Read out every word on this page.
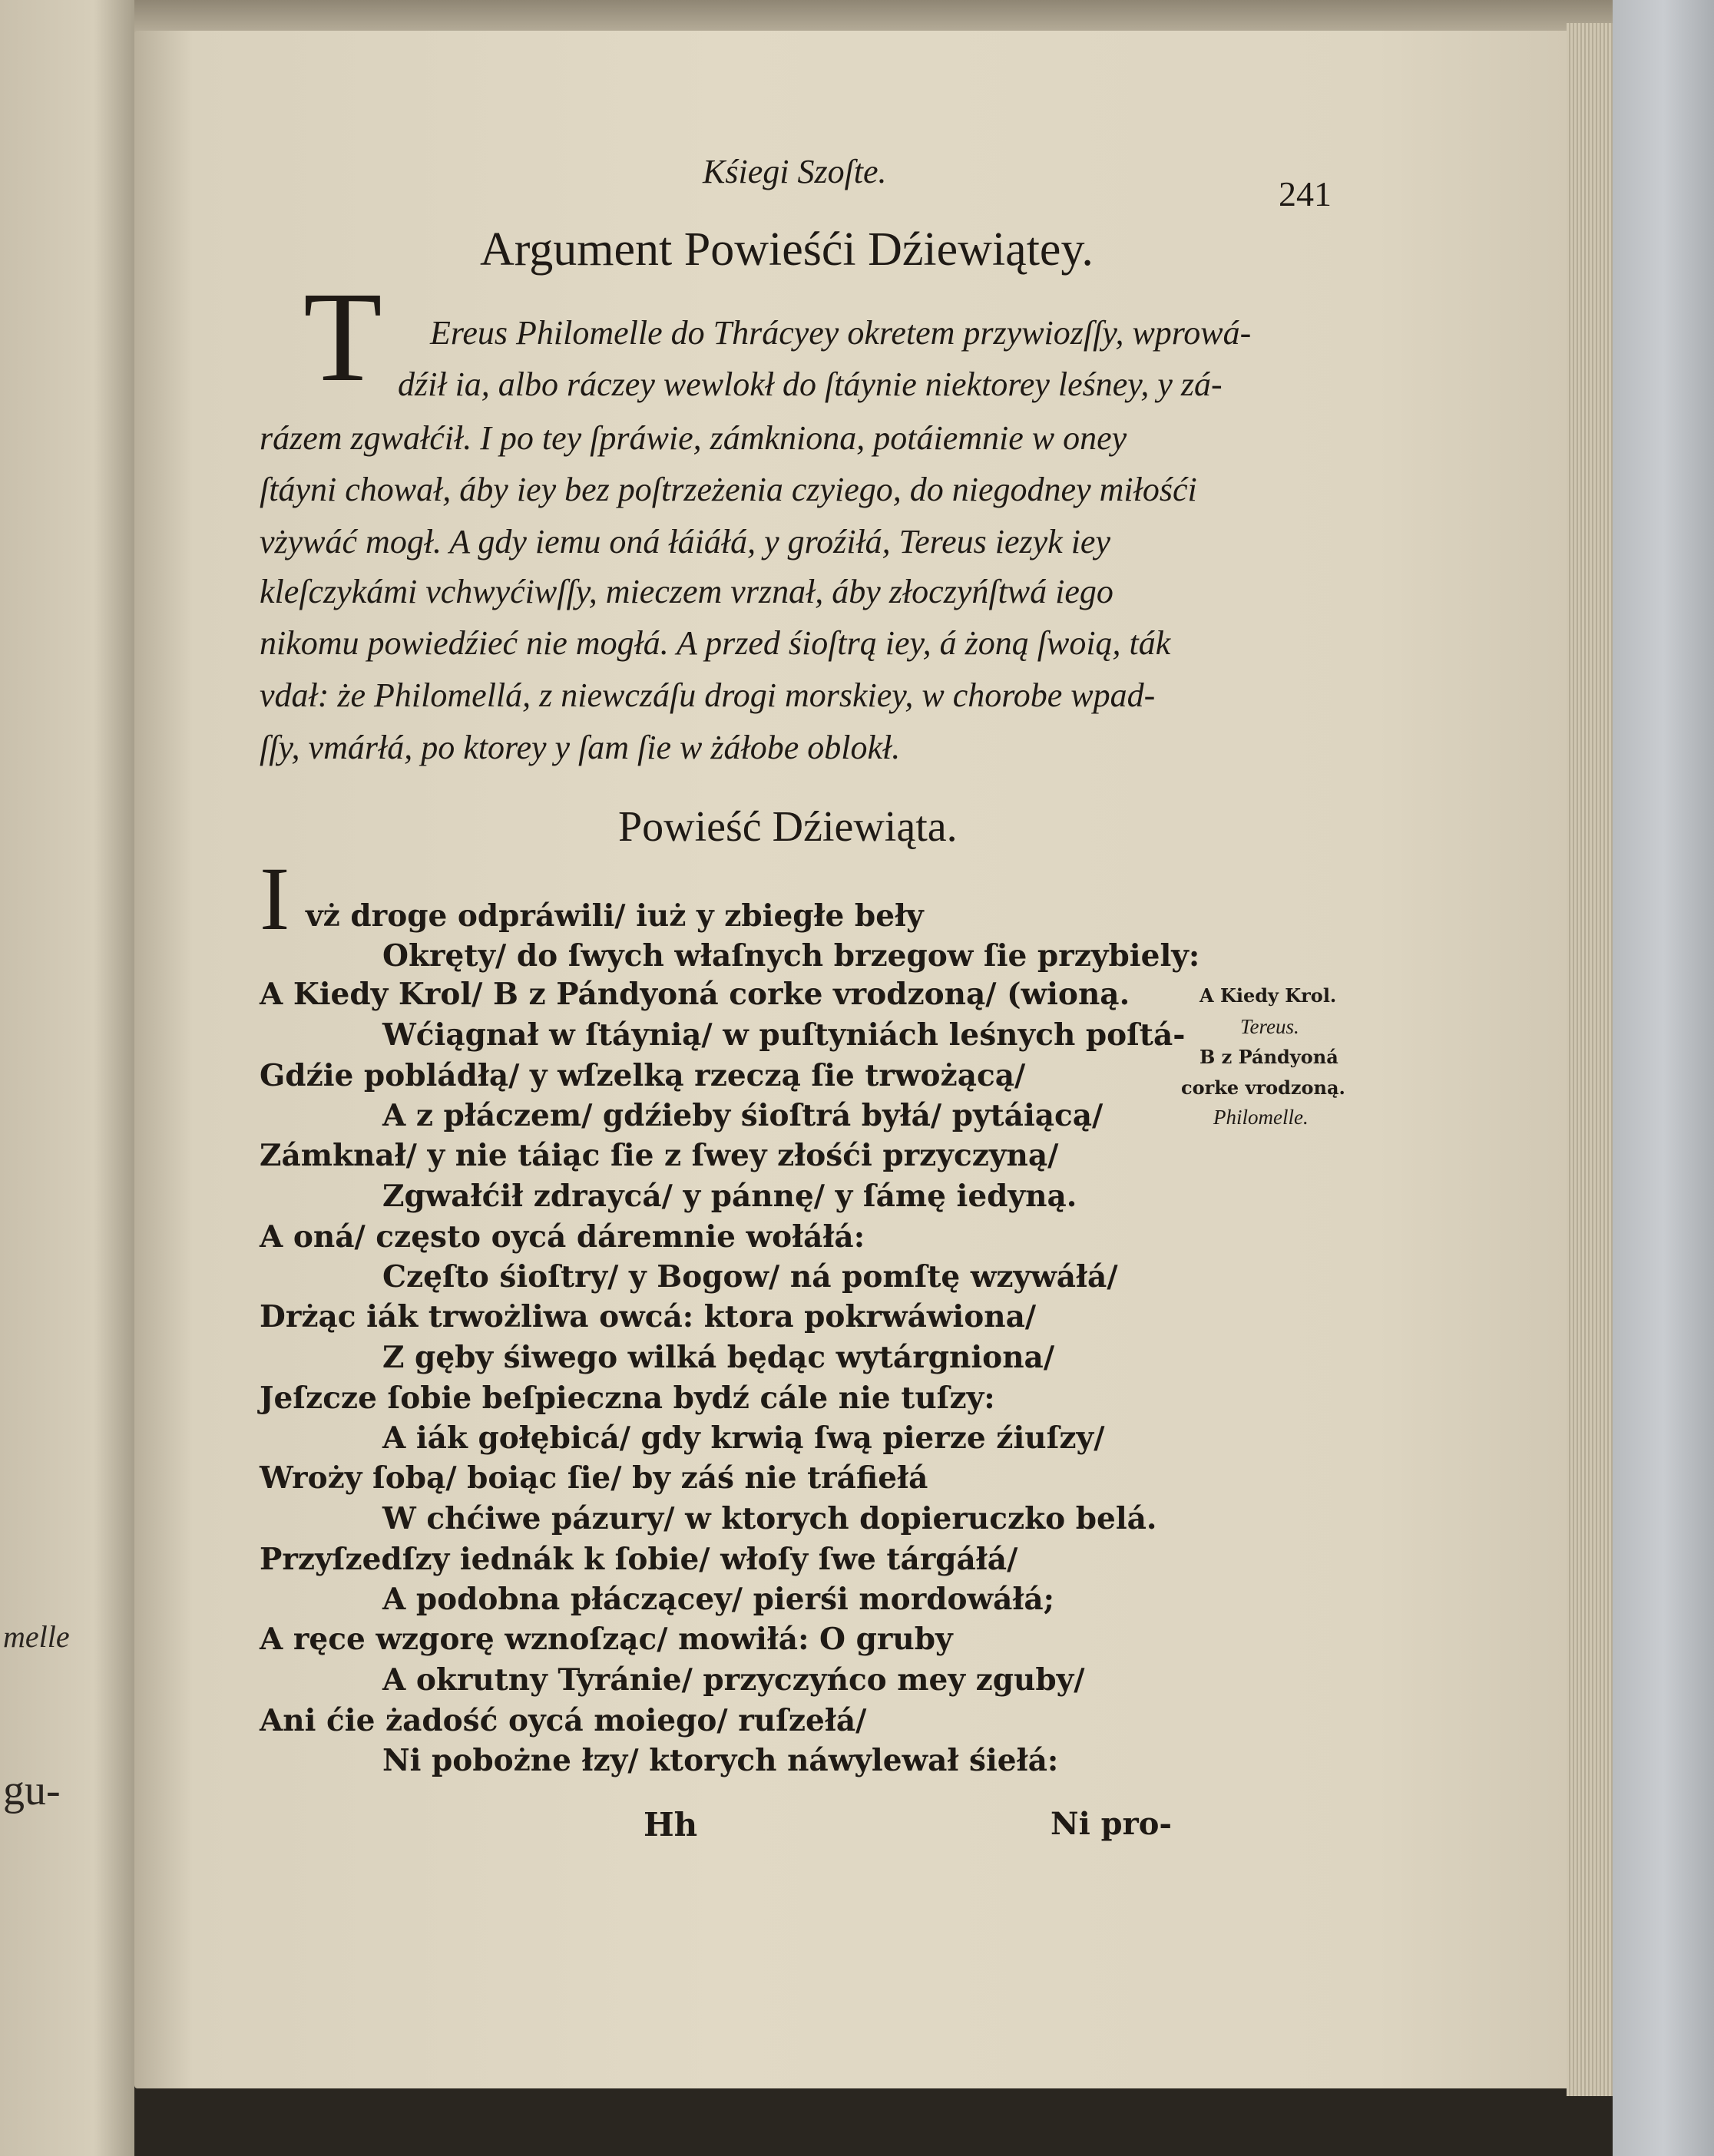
melle
gu-
Kśiegi Szoſte.
241
Argument Powieśći Dźiewiątey.
T Ereus Philomelle do Thrácyey okretem przywiozſſy, wprowá-
dźił ia, albo ráczey wewlokł do ſtáynie niektorey leśney, y zá-
rázem zgwałćił. I po tey ſpráwie, zámkniona, potáiemnie w oney
ſtáyni chował, áby iey bez poſtrzeżenia czyiego, do niegodney miłośći
vżywáć mogł. A gdy iemu oná łáiáłá, y groźiłá, Tereus iezyk iey
kleſczykámi vchwyćiwſſy, mieczem vrznał, áby złoczyńſtwá iego
nikomu powiedźieć nie mogłá. A przed śioſtrą iey, á żoną ſwoią, ták
vdał: że Philomellá, z niewczáſu drogi morskiey, w chorobe wpad-
ſſy, vmárłá, po ktorey y ſam ſie w żáłobe oblokł.
Powieść Dźiewiąta.
I vż droge odpráwili/ iuż y zbiegłe beły
Okręty/ do ſwych właſnych brzegow ſie przybiely:
A Kiedy Krol/ B z Pándyoná corke vrodzoną/ (wioną.
Wćiągnał w ſtáynią/ w puſtyniách leśnych poſtá-
Gdźie pobládłą/ y wſzelką rzeczą ſie trwożącą/
A z płáczem/ gdźieby śioſtrá byłá/ pytáiącą/
Zámknał/ y nie táiąc ſie z ſwey złośći przyczyną/
Zgwałćił zdraycá/ y pánnę/ y ſámę iedyną.
A oná/ często oycá dáremnie wołáłá:
Częſto śioſtry/ y Bogow/ ná pomſtę wzywáłá/
Drżąc iák trwożliwa owcá: ktora pokrwáwiona/
Z gęby śiwego wilká będąc wytárgniona/
Jeſzcze ſobie beſpieczna bydź cále nie tuſzy:
A iák gołębicá/ gdy krwią ſwą pierze źiuſzy/
Wroży ſobą/ boiąc ſie/ by záś nie tráfiełá
W chćiwe pázury/ w ktorych dopieruczko belá.
Przyſzedſzy iednák k ſobie/ włoſy ſwe tárgáłá/
A podobna płáczącey/ pierśi mordowáłá;
A ręce wzgorę wznoſząc/ mowiłá: O gruby
A okrutny Tyránie/ przyczyńco mey zguby/
Ani ćie żadość oycá moiego/ ruſzełá/
Ni pobożne łzy/ ktorych náwylewał śiełá:
A Kiedy Krol.
Tereus.
B z Pándyoná
corke vrodzoną.
Philomelle.
Hh	Ni pro-
